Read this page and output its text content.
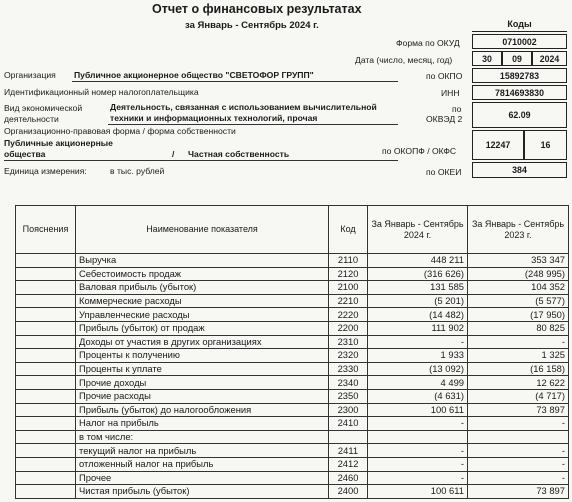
Отчет о финансовых результатах
за Январь - Сентябрь 2024 г.	Коды
Форма по ОКУД	0710002
Дата (число, месяц, год)	30	09	2024
Организация Публичное акционерное общество "СВЕТОФОР ГРУПП"	по ОКПО	15892783
Идентификационный номер налогоплательщика	ИНН	7814693830
Вид экономической
деятельности
Деятельность, связанная с использованием вычислительной
техники и информационных технологий, прочая
по
ОКВЭД 2	62.09
Организационно-правовая форма / форма собственности
Публичные акционерные
общества	/ Частная собственность	по ОКОПФ / ОКФС
12247	16
Единица измерения:	в тыс. рублей	по ОКЕИ	384
Пояснения	Наименование показателя	Код	За Январь - Сентябрь 2024 г.	За Январь - Сентябрь 2023 г.
	Выручка	2110	448 211	353 347
	Себестоимость продаж	2120	(316 626)	(248 995)
	Валовая прибыль (убыток)	2100	131 585	104 352
	Коммерческие расходы	2210	(5 201)	(5 577)
	Управленческие расходы	2220	(14 482)	(17 950)
	Прибыль (убыток) от продаж	2200	111 902	80 825
	Доходы от участия в других организациях	2310	-	-
	Проценты к получению	2320	1 933	1 325
	Проценты к уплате	2330	(13 092)	(16 158)
	Прочие доходы	2340	4 499	12 622
	Прочие расходы	2350	(4 631)	(4 717)
	Прибыль (убыток) до налогообложения	2300	100 611	73 897
	Налог на прибыль	2410	-	-
	в том числе:			
	текущий налог на прибыль	2411	-	-
	отложенный налог на прибыль	2412	-	-
	Прочее	2460	-	-
	Чистая прибыль (убыток)	2400	100 611	73 897
